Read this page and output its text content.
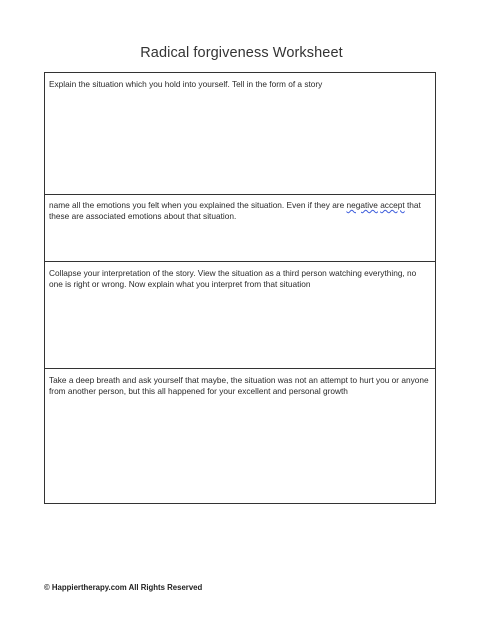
Radical forgiveness Worksheet
Explain the situation which you hold into yourself. Tell in the form of a story
name all the emotions you felt when you explained the situation. Even if they are negative accept that these are associated emotions about that situation.
Collapse your interpretation of the story. View the situation as a third person watching everything, no one is right or wrong. Now explain what you interpret from that situation
Take a deep breath and ask yourself that maybe, the situation was not an attempt to hurt you or anyone from another person, but this all happened for your excellent and personal growth
© Happiertherapy.com All Rights Reserved
